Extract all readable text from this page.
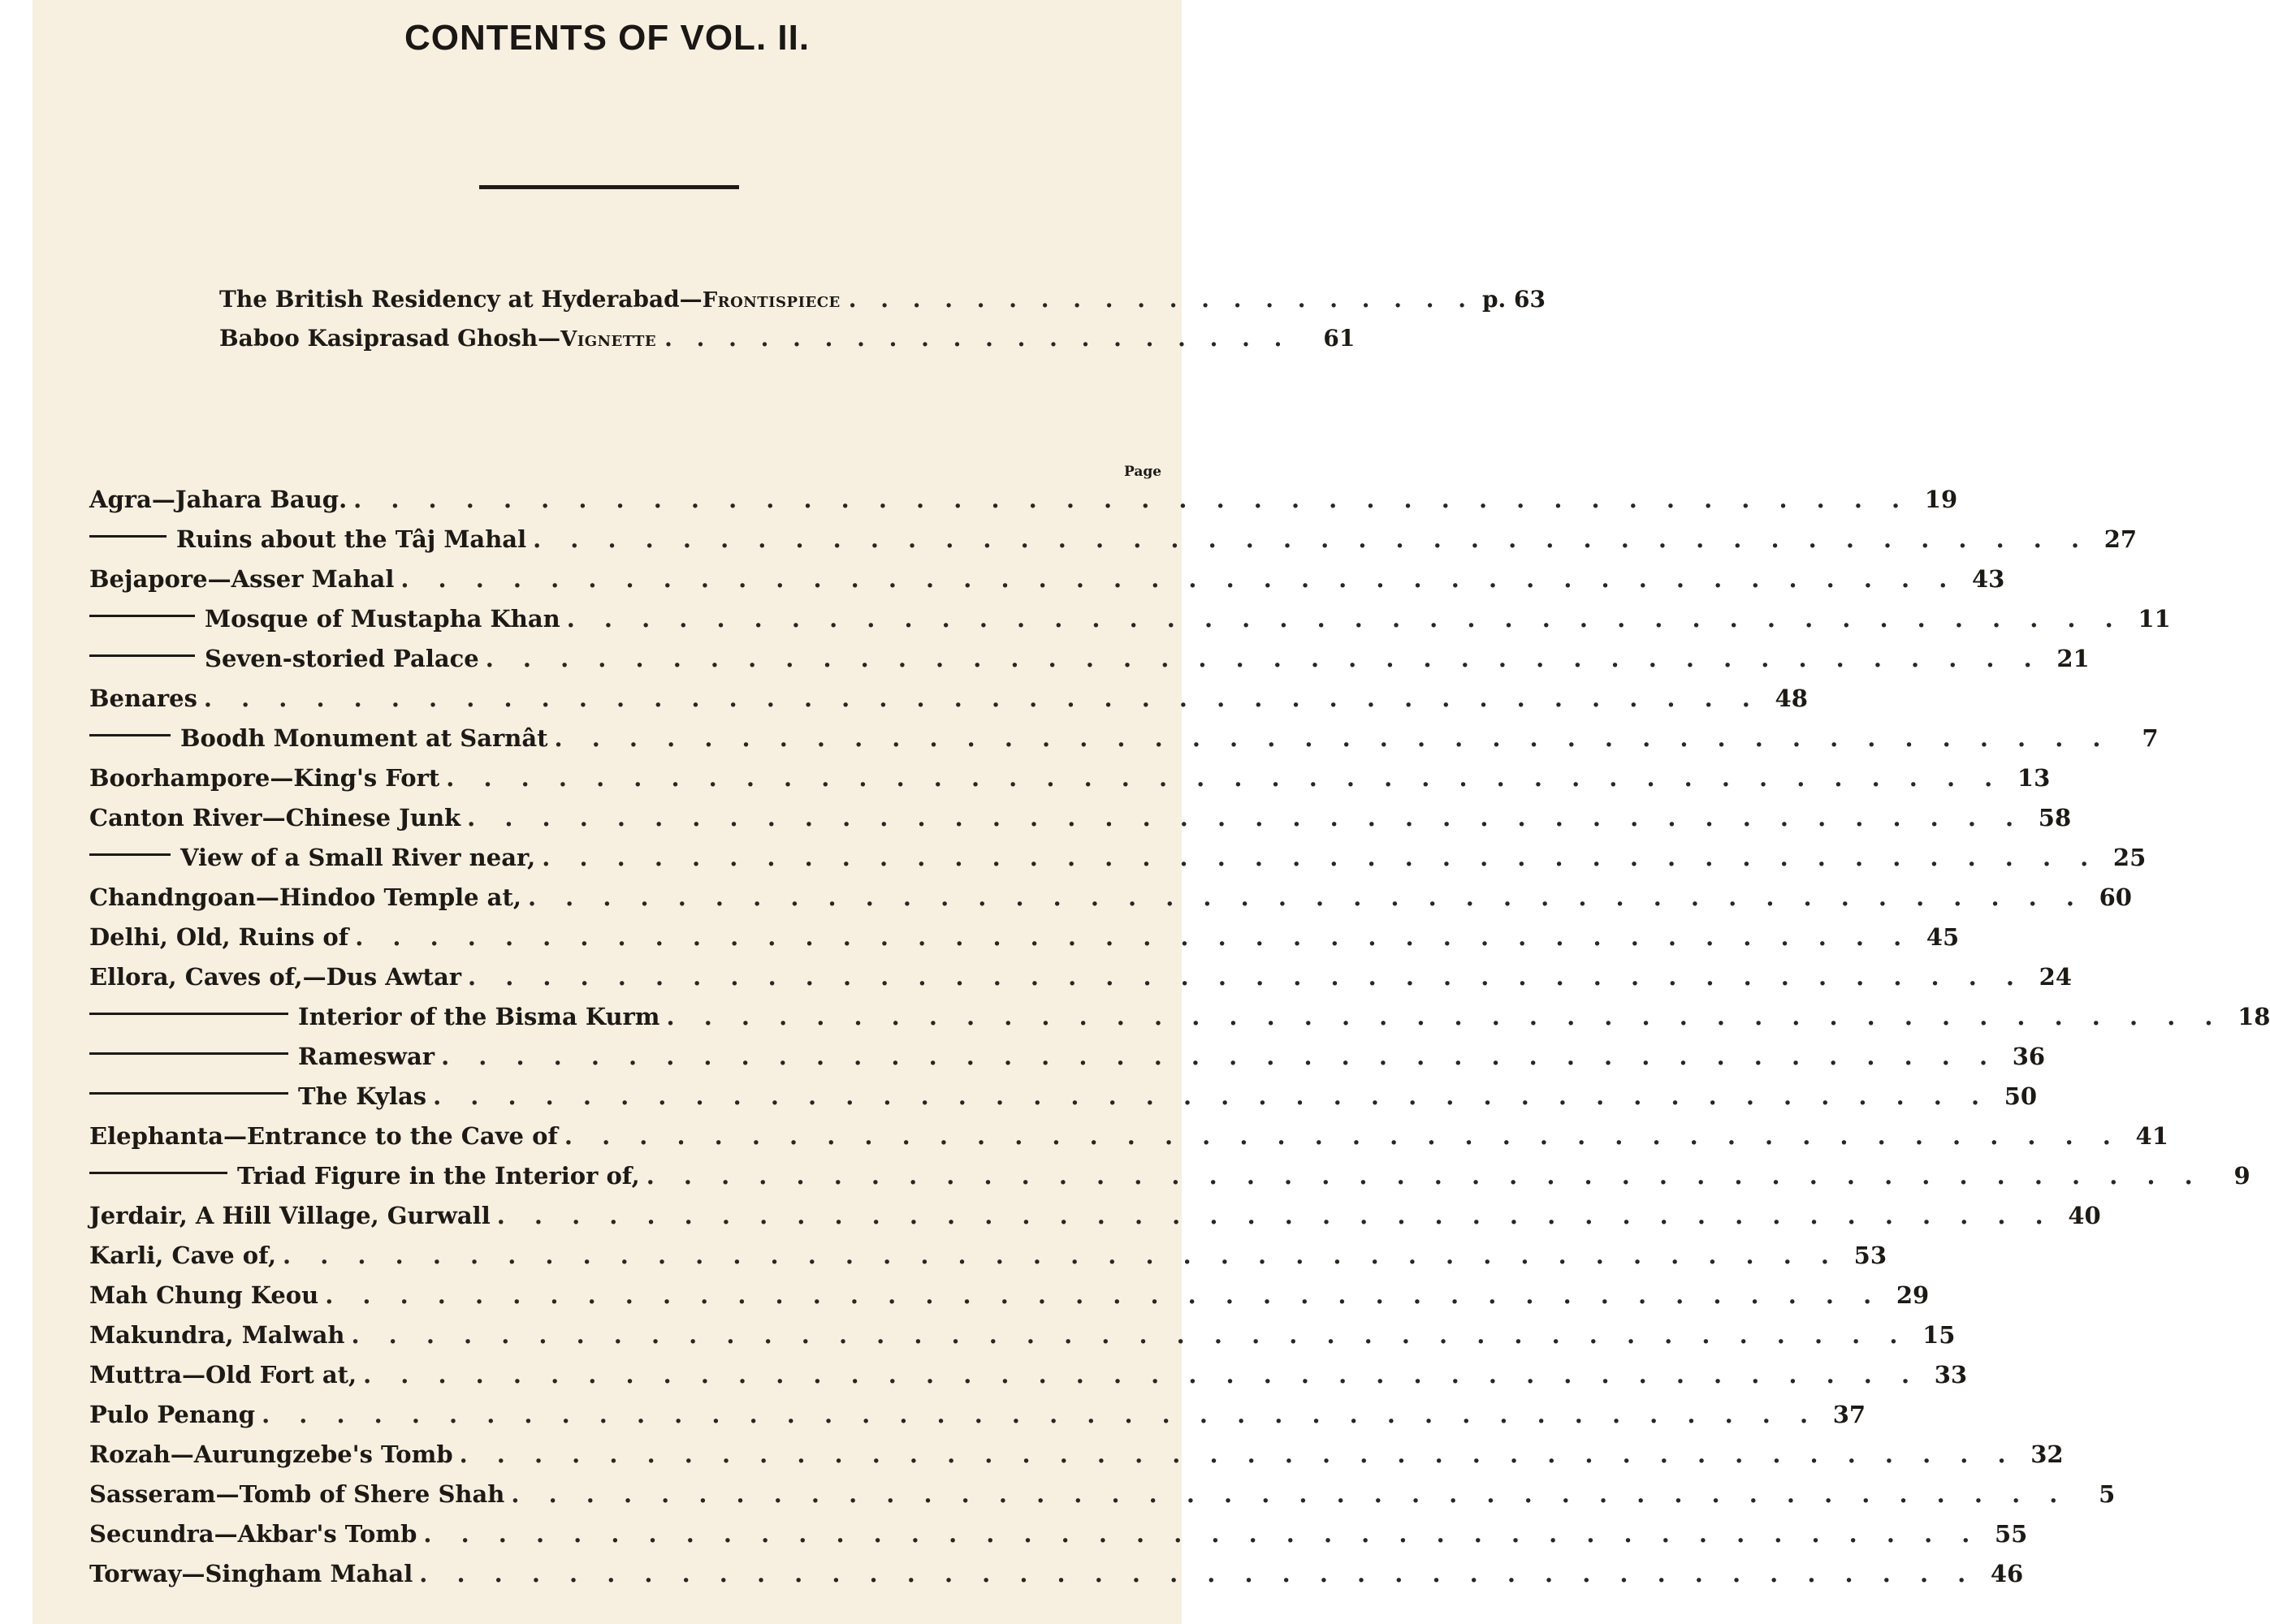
CONTENTS OF VOL. II.
The British Residency at Hyderabad—Frontispiece . . . . . . . . . . . . . . . . . . . . p. 63
Baboo Kasiprasad Ghosh—Vignette . . . . . . . . . . . . . . . . . . . .	61
Page
Agra—Jahara Baug. . . . . . . . . . . . . . . . . . . . . . . . . . . . . . . . . . . . . . . . . . . 19
Ruins about the Tâj Mahal . . . . . . . . . . . . . . . . . . . . . . . . . . . . . . . . . . . . . . . . . . 27
Bejapore—Asser Mahal . . . . . . . . . . . . . . . . . . . . . . . . . . . . . . . . . . . . . . . . . . 43
Mosque of Mustapha Khan . . . . . . . . . . . . . . . . . . . . . . . . . . . . . . . . . . . . . . . . . . 11
Seven-storied Palace . . . . . . . . . . . . . . . . . . . . . . . . . . . . . . . . . . . . . . . . . . 21
Benares . . . . . . . . . . . . . . . . . . . . . . . . . . . . . . . . . . . . . . . . . . 48
Boodh Monument at Sarnât . . . . . . . . . . . . . . . . . . . . . . . . . . . . . . . . . . . . . . . . . .	7
Boorhampore—King's Fort . . . . . . . . . . . . . . . . . . . . . . . . . . . . . . . . . . . . . . . . . . 13
Canton River—Chinese Junk . . . . . . . . . . . . . . . . . . . . . . . . . . . . . . . . . . . . . . . . . . 58
View of a Small River near, . . . . . . . . . . . . . . . . . . . . . . . . . . . . . . . . . . . . . . . . . . 25
Chandngoan—Hindoo Temple at, . . . . . . . . . . . . . . . . . . . . . . . . . . . . . . . . . . . . . . . . . . 60
Delhi, Old, Ruins of . . . . . . . . . . . . . . . . . . . . . . . . . . . . . . . . . . . . . . . . . . 45
Ellora, Caves of,—Dus Awtar . . . . . . . . . . . . . . . . . . . . . . . . . . . . . . . . . . . . . . . . . . 24
Interior of the Bisma Kurm . . . . . . . . . . . . . . . . . . . . . . . . . . . . . . . . . . . . . . . . . . 18
Rameswar . . . . . . . . . . . . . . . . . . . . . . . . . . . . . . . . . . . . . . . . . . 36
The Kylas . . . . . . . . . . . . . . . . . . . . . . . . . . . . . . . . . . . . . . . . . . 50
Elephanta—Entrance to the Cave of . . . . . . . . . . . . . . . . . . . . . . . . . . . . . . . . . . . . . . . . . . 41
Triad Figure in the Interior of, . . . . . . . . . . . . . . . . . . . . . . . . . . . . . . . . . . . . . . . . . .	9
Jerdair, A Hill Village, Gurwall . . . . . . . . . . . . . . . . . . . . . . . . . . . . . . . . . . . . . . . . . . 40
Karli, Cave of, . . . . . . . . . . . . . . . . . . . . . . . . . . . . . . . . . . . . . . . . . . 53
Mah Chung Keou . . . . . . . . . . . . . . . . . . . . . . . . . . . . . . . . . . . . . . . . . . 29
Makundra, Malwah . . . . . . . . . . . . . . . . . . . . . . . . . . . . . . . . . . . . . . . . . . 15
Muttra—Old Fort at, . . . . . . . . . . . . . . . . . . . . . . . . . . . . . . . . . . . . . . . . . . 33
Pulo Penang . . . . . . . . . . . . . . . . . . . . . . . . . . . . . . . . . . . . . . . . . . 37
Rozah—Aurungzebe's Tomb . . . . . . . . . . . . . . . . . . . . . . . . . . . . . . . . . . . . . . . . . . 32
Sasseram—Tomb of Shere Shah . . . . . . . . . . . . . . . . . . . . . . . . . . . . . . . . . . . . . . . . . .	5
Secundra—Akbar's Tomb . . . . . . . . . . . . . . . . . . . . . . . . . . . . . . . . . . . . . . . . . . 55
Torway—Singham Mahal . . . . . . . . . . . . . . . . . . . . . . . . . . . . . . . . . . . . . . . . . . 46
